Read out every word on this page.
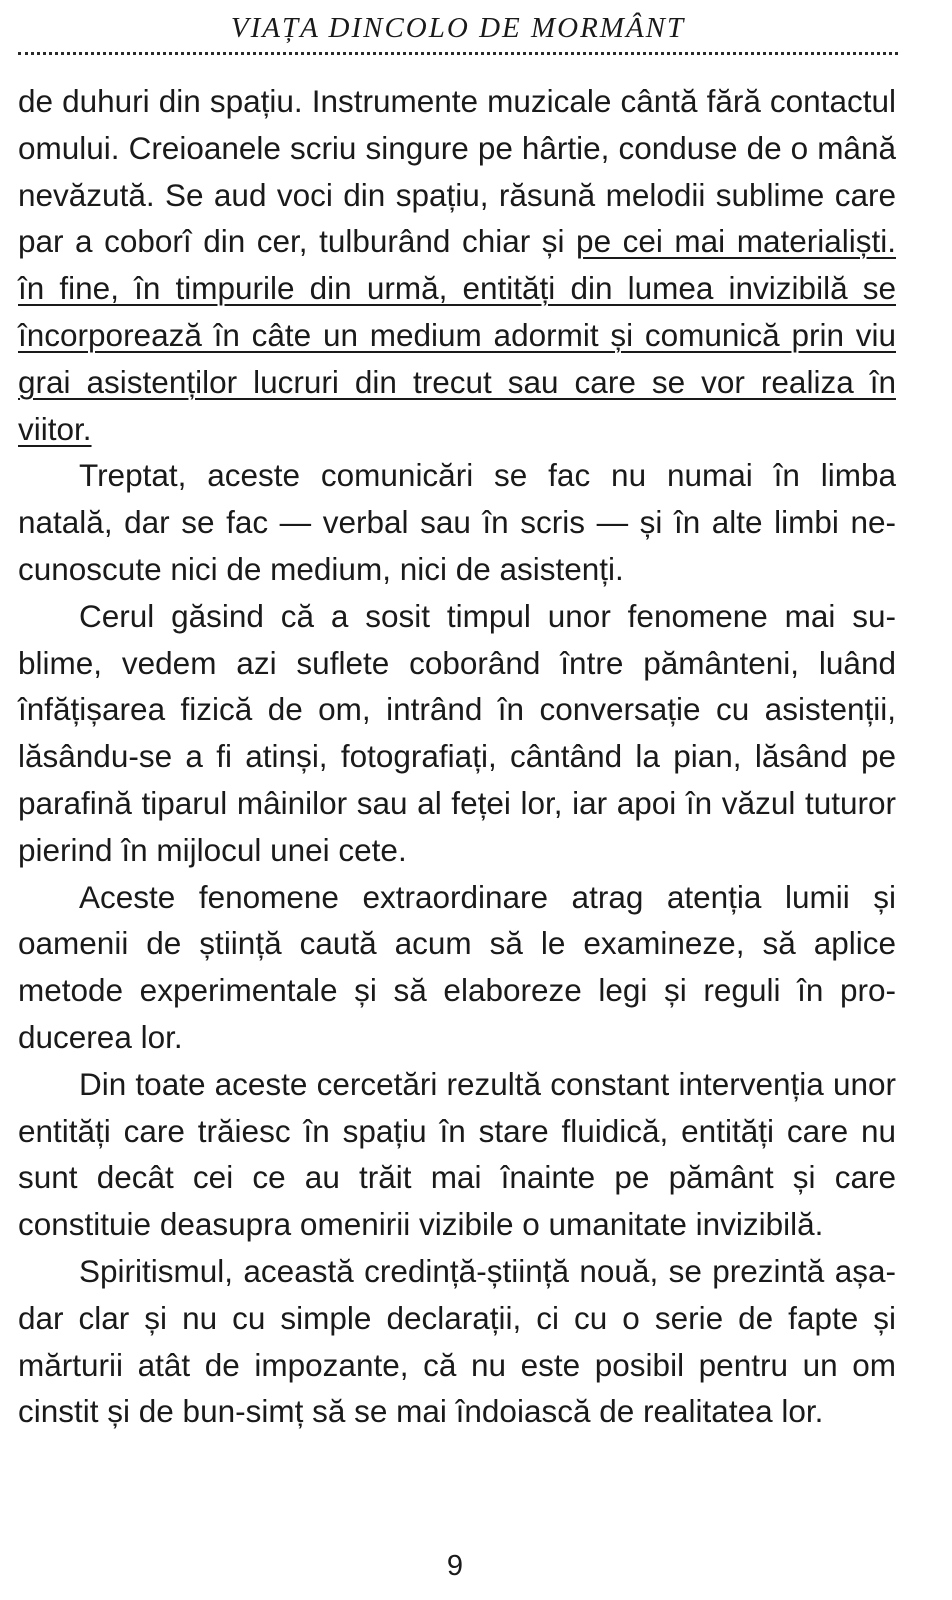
VIAȚA DINCOLO DE MORMÂNT

de duhuri din spațiu. Instrumente muzicale cântă fără contactul omului. Creioanele scriu singure pe hârtie, conduse de o mână nevăzută. Se aud voci din spațiu, răsună melodii sublime care par a coborî din cer, tulburând chiar și pe cei mai materialiști. în fine, în timpurile din urmă, entități din lumea invizibilă se încorporează în câte un medium adormit și comunică prin viu grai asistenților lucruri din trecut sau care se vor realiza în viitor.

Treptat, aceste comunicări se fac nu numai în limba natală, dar se fac — verbal sau în scris — și în alte limbi necunoscute nici de medium, nici de asistenți.

Cerul găsind că a sosit timpul unor fenomene mai sublime, vedem azi suflete coborând între pământeni, luând înfățișarea fizică de om, intrând în conversație cu asistenții, lăsându-se a fi atinși, fotografiați, cântând la pian, lăsând pe parafină tiparul mâinilor sau al feței lor, iar apoi în văzul tuturor pierind în mijlocul unei cete.

Aceste fenomene extraordinare atrag atenția lumii și oamenii de știință caută acum să le examineze, să aplice metode experimentale și să elaboreze legi și reguli în producerea lor.

Din toate aceste cercetări rezultă constant intervenția unor entități care trăiesc în spațiu în stare fluidică, entități care nu sunt decât cei ce au trăit mai înainte pe pământ și care constituie deasupra omenirii vizibile o umanitate invizibilă.

Spiritismul, această credință-știință nouă, se prezintă așadar clar și nu cu simple declarații, ci cu o serie de fapte și mărturii atât de impozante, că nu este posibil pentru un om cinstit și de bun-simț să se mai îndoiască de realitatea lor.

9
